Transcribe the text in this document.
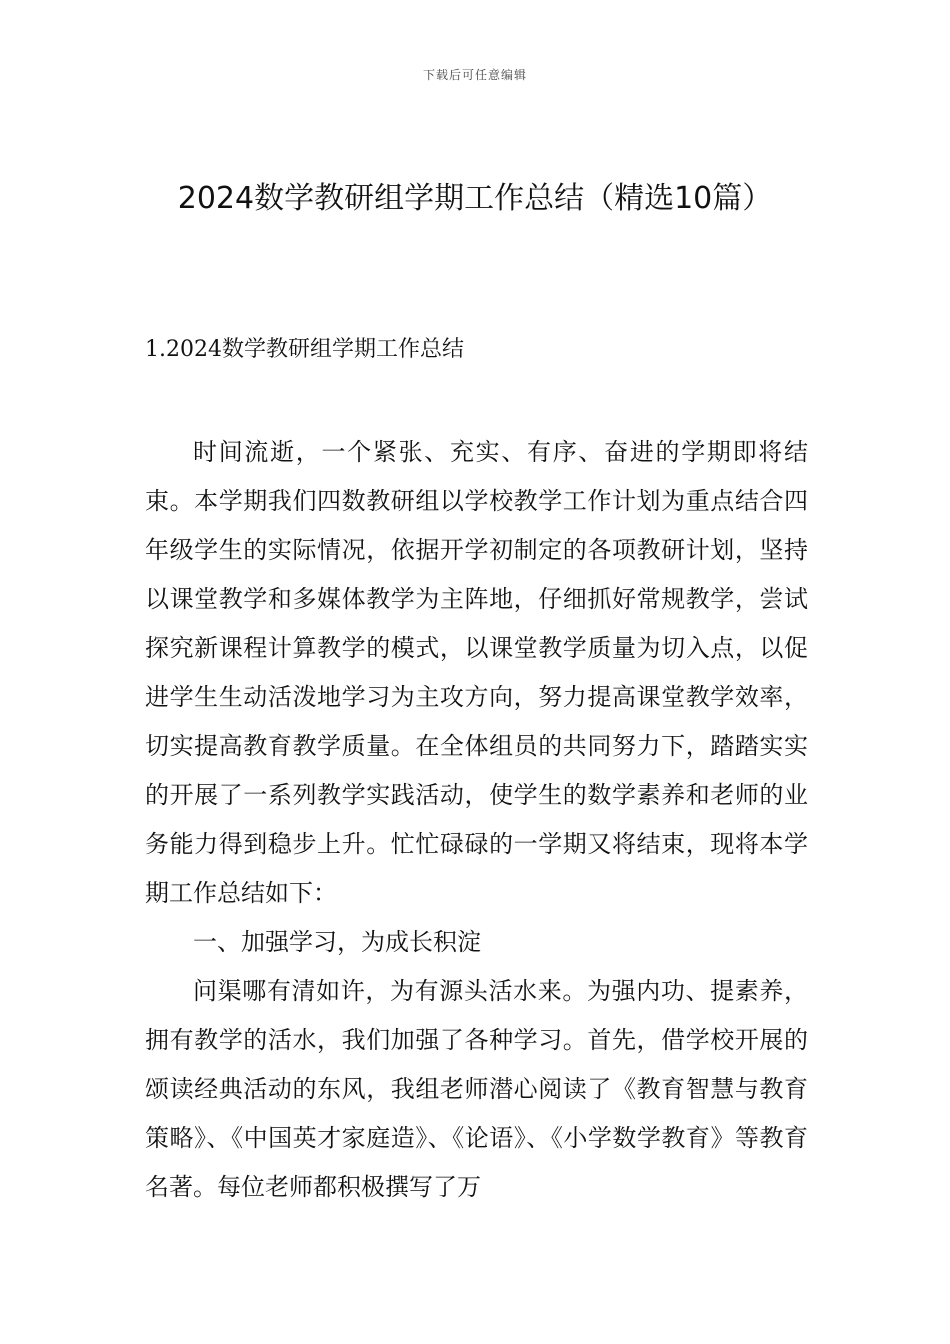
下载后可任意编辑
2024数学教研组学期工作总结（精选10篇）
1.2024数学教研组学期工作总结

时间流逝，一个紧张、充实、有序、奋进的学期即将结束。本学期我们四数教研组以学校教学工作计划为重点结合四年级学生的实际情况，依据开学初制定的各项教研计划，坚持以课堂教学和多媒体教学为主阵地，仔细抓好常规教学，尝试探究新课程计算教学的模式，以课堂教学质量为切入点，以促进学生生动活泼地学习为主攻方向，努力提高课堂教学效率，切实提高教育教学质量。在全体组员的共同努力下，踏踏实实的开展了一系列教学实践活动，使学生的数学素养和老师的业务能力得到稳步上升。忙忙碌碌的一学期又将结束，现将本学期工作总结如下：

一、加强学习，为成长积淀

问渠哪有清如许，为有源头活水来。为强内功、提素养，拥有教学的活水，我们加强了各种学习。首先，借学校开展的颂读经典活动的东风，我组老师潜心阅读了《教育智慧与教育策略》、《中国英才家庭造》、《论语》、《小学数学教育》等教育名著。每位老师都积极撰写了万
